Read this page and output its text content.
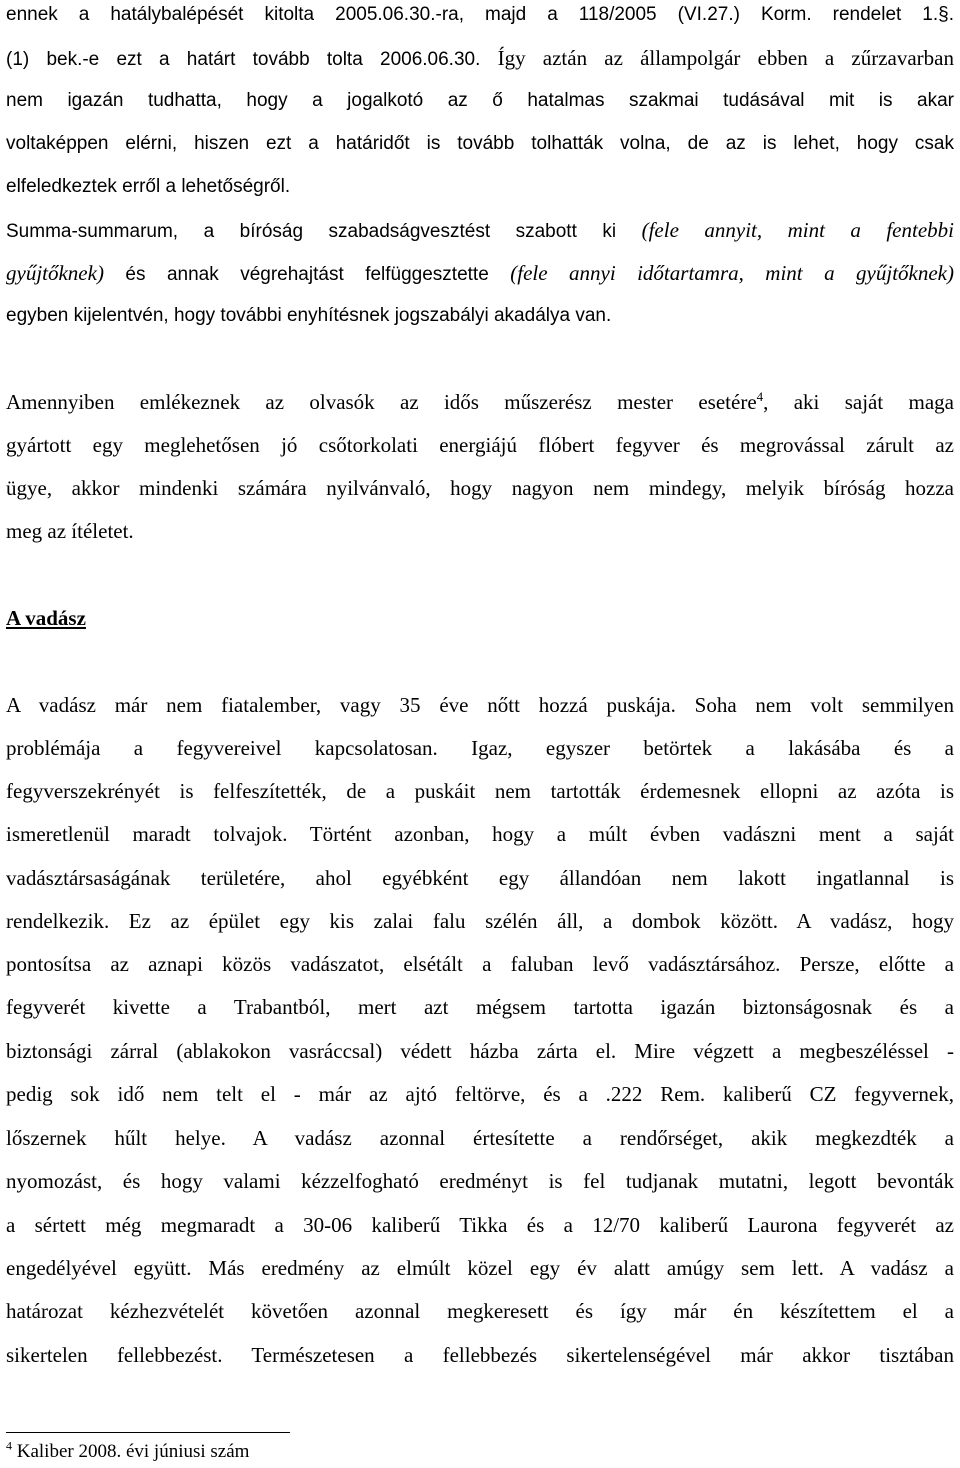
ennek a hatálybalépését kitolta 2005.06.30.-ra, majd a 118/2005 (VI.27.) Korm. rendelet 1.§.
(1) bek.-e ezt a határt tovább tolta 2006.06.30. Így aztán az állampolgár ebben a zűrzavarban
nem igazán tudhatta, hogy a jogalkotó az ő hatalmas szakmai tudásával mit is akar
voltaképpen elérni, hiszen ezt a határidőt is tovább tolhatták volna, de az is lehet, hogy csak
elfeledkeztek erről a lehetőségről.
Summa-summarum, a bíróság szabadságvesztést szabott ki (fele annyit, mint a fentebbi
gyűjtőknek) és annak végrehajtást felfüggesztette (fele annyi időtartamra, mint a gyűjtőknek)
egyben kijelentvén, hogy további enyhítésnek jogszabályi akadálya van.
Amennyiben emlékeznek az olvasók az idős műszerész mester esetére$^4$, aki saját maga
gyártott egy meglehetősen jó csőtorkolati energiájú flóbert fegyver és megrovással zárult az
ügye, akkor mindenki számára nyilvánvaló, hogy nagyon nem mindegy, melyik bíróság hozza
meg az ítéletet.
A vadász
A vadász már nem fiatalember, vagy 35 éve nőtt hozzá puskája. Soha nem volt semmilyen
problémája a fegyvereivel kapcsolatosan. Igaz, egyszer betörtek a lakásába és a
fegyverszekrényét is felfeszítették, de a puskáit nem tartották érdemesnek ellopni az azóta is
ismeretlenül maradt tolvajok. Történt azonban, hogy a múlt évben vadászni ment a saját
vadásztársaságának területére, ahol egyébként egy állandóan nem lakott ingatlannal is
rendelkezik. Ez az épület egy kis zalai falu szélén áll, a dombok között. A vadász, hogy
pontosítsa az aznapi közös vadászatot, elsétált a faluban levő vadásztársához. Persze, előtte a
fegyverét kivette a Trabantból, mert azt mégsem tartotta igazán biztonságosnak és a
biztonsági zárral (ablakokon vasráccsal) védett házba zárta el. Mire végzett a megbeszéléssel -
pedig sok idő nem telt el - már az ajtó feltörve, és a .222 Rem. kaliberű CZ fegyvernek,
lőszernek hűlt helye. A vadász azonnal értesítette a rendőrséget, akik megkezdték a
nyomozást, és hogy valami kézzelfogható eredményt is fel tudjanak mutatni, legott bevonták
a sértett még megmaradt a 30-06 kaliberű Tikka és a 12/70 kaliberű Laurona fegyverét az
engedélyével együtt. Más eredmény az elmúlt közel egy év alatt amúgy sem lett. A vadász a
határozat kézhezvételét követően azonnal megkeresett és így már én készítettem el a
sikertelen fellebbezést. Természetesen a fellebbezés sikertelenségével már akkor tisztában
$^4$ Kaliber 2008. évi júniusi szám
